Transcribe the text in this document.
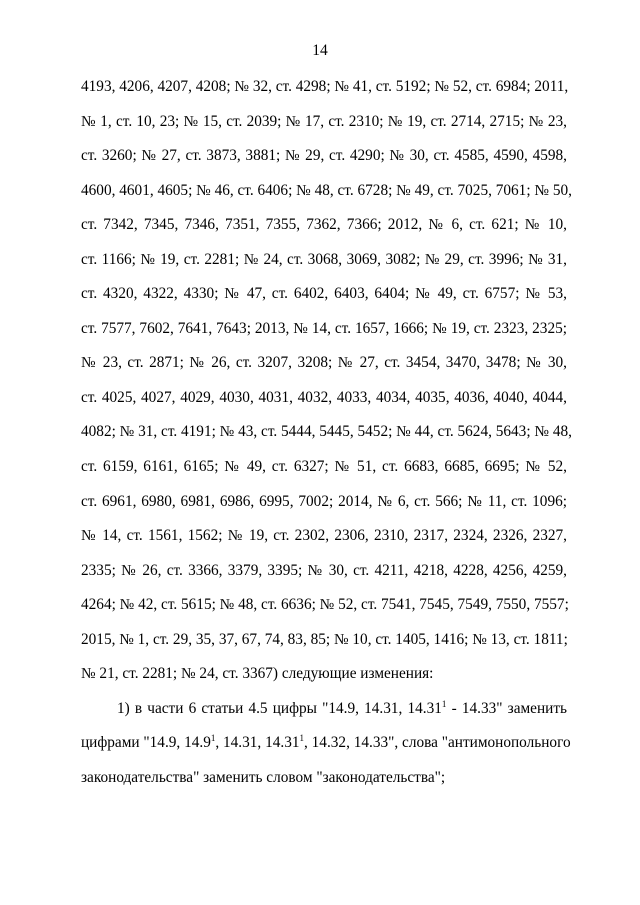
14
4193, 4206, 4207, 4208; № 32, ст. 4298; № 41, ст. 5192; № 52, ст. 6984; 2011,
№ 1, ст. 10, 23; № 15, ст. 2039; № 17, ст. 2310; № 19, ст. 2714, 2715; № 23,
ст. 3260; № 27, ст. 3873, 3881; № 29, ст. 4290; № 30, ст. 4585, 4590, 4598,
4600, 4601, 4605; № 46, ст. 6406; № 48, ст. 6728; № 49, ст. 7025, 7061; № 50,
ст. 7342, 7345, 7346, 7351, 7355, 7362, 7366; 2012, № 6, ст. 621; № 10,
ст. 1166; № 19, ст. 2281; № 24, ст. 3068, 3069, 3082; № 29, ст. 3996; № 31,
ст. 4320, 4322, 4330; № 47, ст. 6402, 6403, 6404; № 49, ст. 6757; № 53,
ст. 7577, 7602, 7641, 7643; 2013, № 14, ст. 1657, 1666; № 19, ст. 2323, 2325;
№ 23, ст. 2871; № 26, ст. 3207, 3208; № 27, ст. 3454, 3470, 3478; № 30,
ст. 4025, 4027, 4029, 4030, 4031, 4032, 4033, 4034, 4035, 4036, 4040, 4044,
4082; № 31, ст. 4191; № 43, ст. 5444, 5445, 5452; № 44, ст. 5624, 5643; № 48,
ст. 6159, 6161, 6165; № 49, ст. 6327; № 51, ст. 6683, 6685, 6695; № 52,
ст. 6961, 6980, 6981, 6986, 6995, 7002; 2014, № 6, ст. 566; № 11, ст. 1096;
№ 14, ст. 1561, 1562; № 19, ст. 2302, 2306, 2310, 2317, 2324, 2326, 2327,
2335; № 26, ст. 3366, 3379, 3395; № 30, ст. 4211, 4218, 4228, 4256, 4259,
4264; № 42, ст. 5615; № 48, ст. 6636; № 52, ст. 7541, 7545, 7549, 7550, 7557;
2015, № 1, ст. 29, 35, 37, 67, 74, 83, 85; № 10, ст. 1405, 1416; № 13, ст. 1811;
№ 21, ст. 2281; № 24, ст. 3367) следующие изменения:
1) в части 6 статьи 4.5 цифры "14.9, 14.31, 14.31$^1$ - 14.33" заменить
цифрами "14.9, 14.9$^1$, 14.31, 14.31$^1$, 14.32, 14.33", слова "антимонопольного
законодательства" заменить словом "законодательства";
